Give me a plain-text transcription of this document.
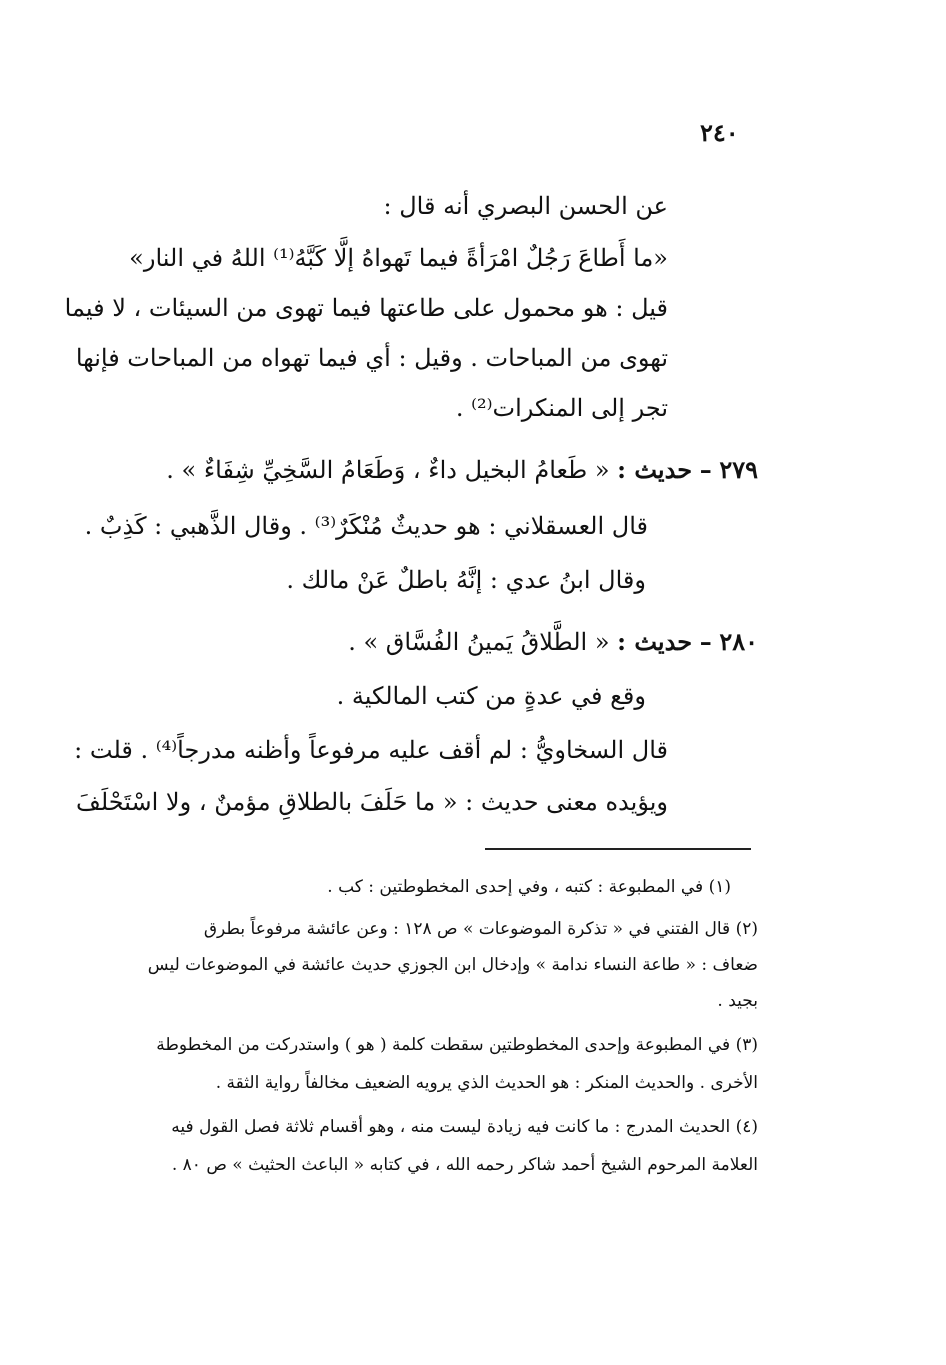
٢٤٠
عن الحسن البصري أنه قال :
«ما أَطاعَ رَجُلٌ امْرَأةً فيما تَهواهُ إلَّا كَبَّهُ⁽¹⁾ اللهُ في النار»
قيل : هو محمول على طاعتها فيما تهوى من السيئات ، لا فيما
تهوى من المباحات . وقيل : أي فيما تهواه من المباحات فإنها
تجر إلى المنكرات⁽²⁾ .
٢٧٩ – حديث : « طَعامُ البخيل داءٌ ، وَطَعَامُ السَّخِيِّ شِفَاءٌ » .
قال العسقلاني : هو حديثٌ مُنْكَرٌ⁽³⁾ . وقال الذَّهبي : كَذِبٌ .
وقال ابنُ عدي : إنَّهُ باطلٌ عَنْ مالك .
٢٨٠ – حديث : « الطَّلاقُ يَمينُ الفُسَّاق » .
وقع في عدةٍ من كتب المالكية .
قال السخاويُّ : لم أقف عليه مرفوعاً وأظنه مدرجاً⁽⁴⁾ . قلت :
ويؤيده معنى حديث : « ما حَلَفَ بالطلاقِ مؤمنٌ ، ولا اسْتَحْلَفَ
(١) في المطبوعة : كتبه ، وفي إحدى المخطوطتين : كب .
(٢) قال الفتني في « تذكرة الموضوعات » ص ١٢٨ : وعن عائشة مرفوعاً بطرق
ضعاف : « طاعة النساء ندامة » وإدخال ابن الجوزي حديث عائشة في الموضوعات ليس
بجيد .
(٣) في المطبوعة وإحدى المخطوطتين سقطت كلمة ( هو ) واستدركت من المخطوطة
الأخرى . والحديث المنكر : هو الحديث الذي يرويه الضعيف مخالفاً رواية الثقة .
(٤) الحديث المدرج : ما كانت فيه زيادة ليست منه ، وهو أقسام ثلاثة فصل القول فيه
العلامة المرحوم الشيخ أحمد شاكر رحمه الله ، في كتابه « الباعث الحثيث » ص ٨٠ .
